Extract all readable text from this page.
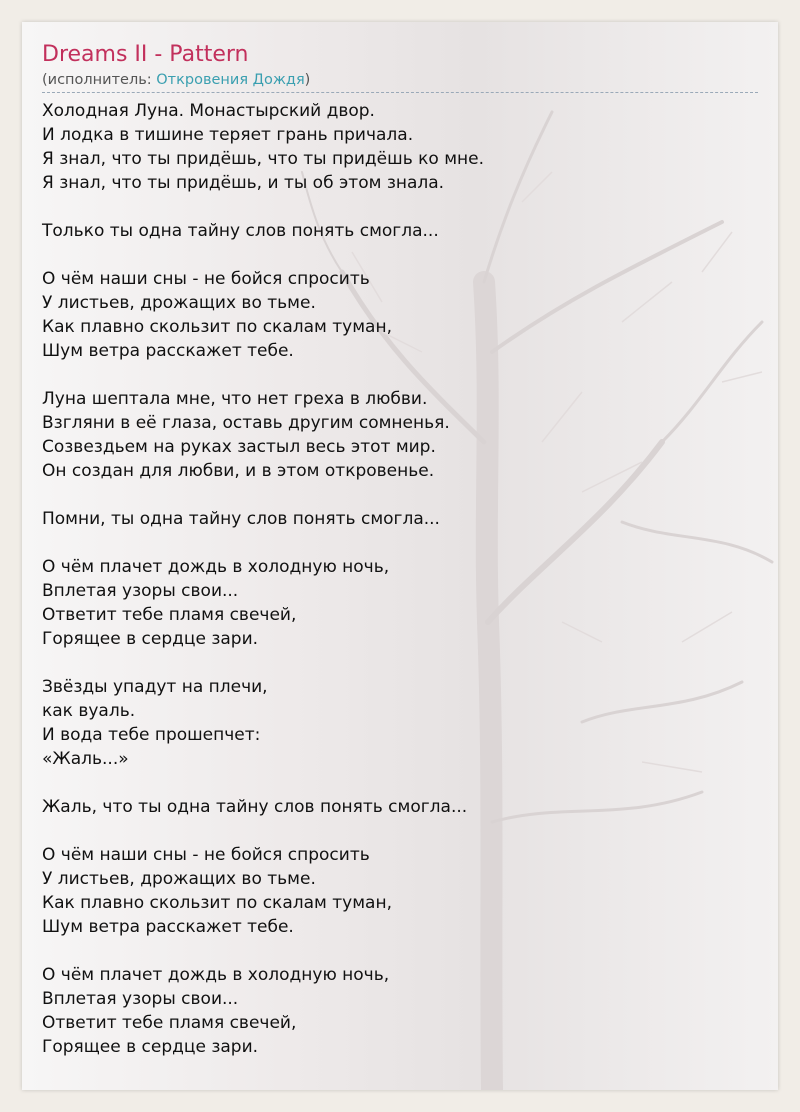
Dreams II - Pattern
(исполнитель: Откровения Дождя)
Холодная Луна. Монастырский двор.
И лодка в тишине теряет грань причала.
Я знал, что ты придёшь, что ты придёшь ко мне.
Я знал, что ты придёшь, и ты об этом знала.
Только ты одна тайну слов понять смогла...
О чём наши сны - не бойся спросить
У листьев, дрожащих во тьме.
Как плавно скользит по скалам туман,
Шум ветра расскажет тебе.
Луна шептала мне, что нет греха в любви.
Взгляни в её глаза, оставь другим сомненья.
Созвездьем на руках застыл весь этот мир.
Он создан для любви, и в этом откровенье.
Помни, ты одна тайну слов понять смогла...
О чём плачет дождь в холодную ночь,
Вплетая узоры свои...
Ответит тебе пламя свечей,
Горящее в сердце зари.
Звёзды упадут на плечи,
как вуаль.
И вода тебе прошепчет:
«Жаль...»
Жаль, что ты одна тайну слов понять смогла...
О чём наши сны - не бойся спросить
У листьев, дрожащих во тьме.
Как плавно скользит по скалам туман,
Шум ветра расскажет тебе.
О чём плачет дождь в холодную ночь,
Вплетая узоры свои...
Ответит тебе пламя свечей,
Горящее в сердце зари.
